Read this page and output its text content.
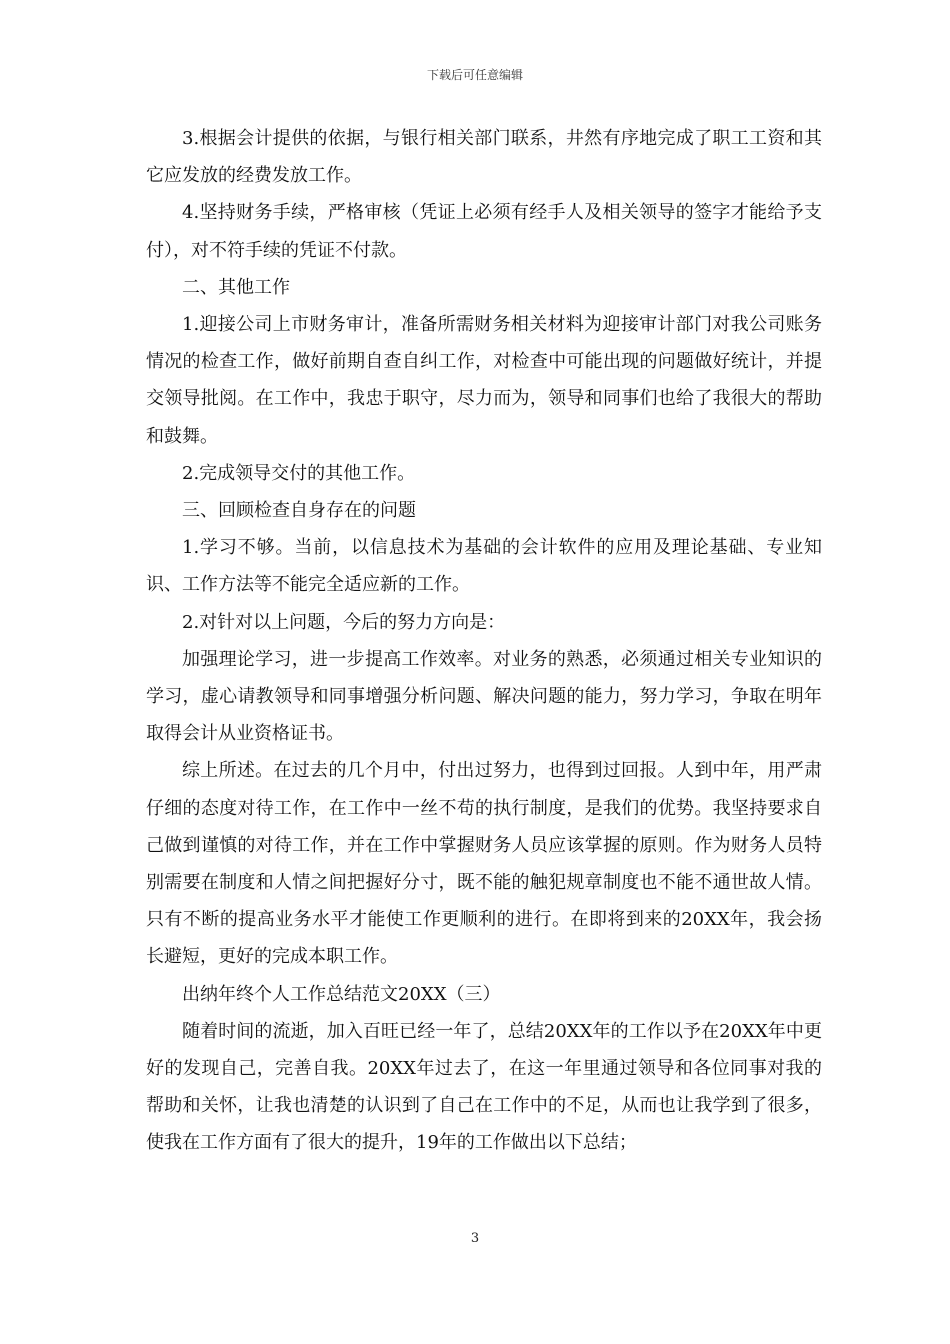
下载后可任意编辑

3.根据会计提供的依据，与银行相关部门联系，井然有序地完成了职工工资和其它应发放的经费发放工作。

4.坚持财务手续，严格审核（凭证上必须有经手人及相关领导的签字才能给予支付），对不符手续的凭证不付款。

二、其他工作

1.迎接公司上市财务审计，准备所需财务相关材料为迎接审计部门对我公司账务情况的检查工作，做好前期自查自纠工作，对检查中可能出现的问题做好统计，并提交领导批阅。在工作中，我忠于职守，尽力而为，领导和同事们也给了我很大的帮助和鼓舞。

2.完成领导交付的其他工作。

三、回顾检查自身存在的问题

1.学习不够。当前，以信息技术为基础的会计软件的应用及理论基础、专业知识、工作方法等不能完全适应新的工作。

2.对针对以上问题，今后的努力方向是：

加强理论学习，进一步提高工作效率。对业务的熟悉，必须通过相关专业知识的学习，虚心请教领导和同事增强分析问题、解决问题的能力，努力学习，争取在明年取得会计从业资格证书。

综上所述。在过去的几个月中，付出过努力，也得到过回报。人到中年，用严肃仔细的态度对待工作，在工作中一丝不苟的执行制度，是我们的优势。我坚持要求自己做到谨慎的对待工作，并在工作中掌握财务人员应该掌握的原则。作为财务人员特别需要在制度和人情之间把握好分寸，既不能的触犯规章制度也不能不通世故人情。只有不断的提高业务水平才能使工作更顺利的进行。在即将到来的20XX年，我会扬长避短，更好的完成本职工作。

出纳年终个人工作总结范文20XX（三）

随着时间的流逝，加入百旺已经一年了，总结20XX年的工作以予在20XX年中更好的发现自己，完善自我。20XX年过去了，在这一年里通过领导和各位同事对我的帮助和关怀，让我也清楚的认识到了自己在工作中的不足，从而也让我学到了很多，使我在工作方面有了很大的提升，19年的工作做出以下总结；

3
